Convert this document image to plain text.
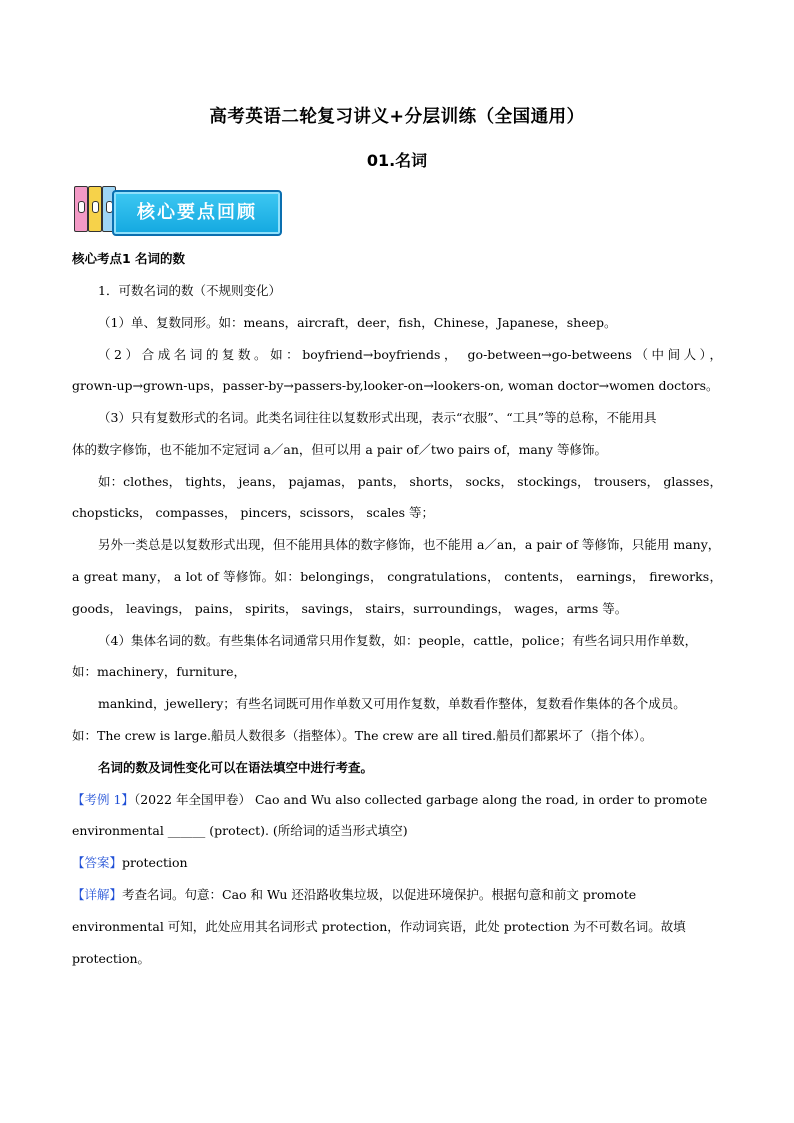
高考英语二轮复习讲义+分层训练（全国通用）
01.名词
核心要点回顾
核心考点1 名词的数
1．可数名词的数（不规则变化）
（1）单、复数同形。如：means，aircraft，deer，fish，Chinese，Japanese，sheep。
（2）合成名词的复数。如：boyfriend→boyfriends， go-between→go-betweens（中间人），
grown-up→grown-ups，passer-by→passers-by,looker-on→lookers-on, woman doctor→women doctors。
（3）只有复数形式的名词。此类名词往往以复数形式出现，表示“衣服”、“工具”等的总称，不能用具
体的数字修饰，也不能加不定冠词 a／an，但可以用 a pair of／two pairs of，many 等修饰。
如：clothes， tights， jeans， pajamas， pants， shorts， socks， stockings， trousers， glasses，
chopsticks， compasses， pincers，scissors， scales 等；
另外一类总是以复数形式出现，但不能用具体的数字修饰，也不能用 a／an，a pair of 等修饰，只能用 many，
a great many， a lot of 等修饰。如：belongings， congratulations， contents， earnings， fireworks，
goods， leavings， pains， spirits， savings， stairs，surroundings， wages，arms 等。
（4）集体名词的数。有些集体名词通常只用作复数，如：people，cattle，police；有些名词只用作单数，
如：machinery，furniture，
mankind，jewellery；有些名词既可用作单数又可用作复数，单数看作整体，复数看作集体的各个成员。
如：The crew is large.船员人数很多（指整体）。The crew are all tired.船员们都累坏了（指个体）。
名词的数及词性变化可以在语法填空中进行考查。
【考例 1】（2022 年全国甲卷） Cao and Wu also collected garbage along the road, in order to promote
environmental ______ (protect). (所给词的适当形式填空)
【答案】protection
【详解】考查名词。句意：Cao 和 Wu 还沿路收集垃圾，以促进环境保护。根据句意和前文 promote
environmental 可知，此处应用其名词形式 protection，作动词宾语，此处 protection 为不可数名词。故填
protection。
